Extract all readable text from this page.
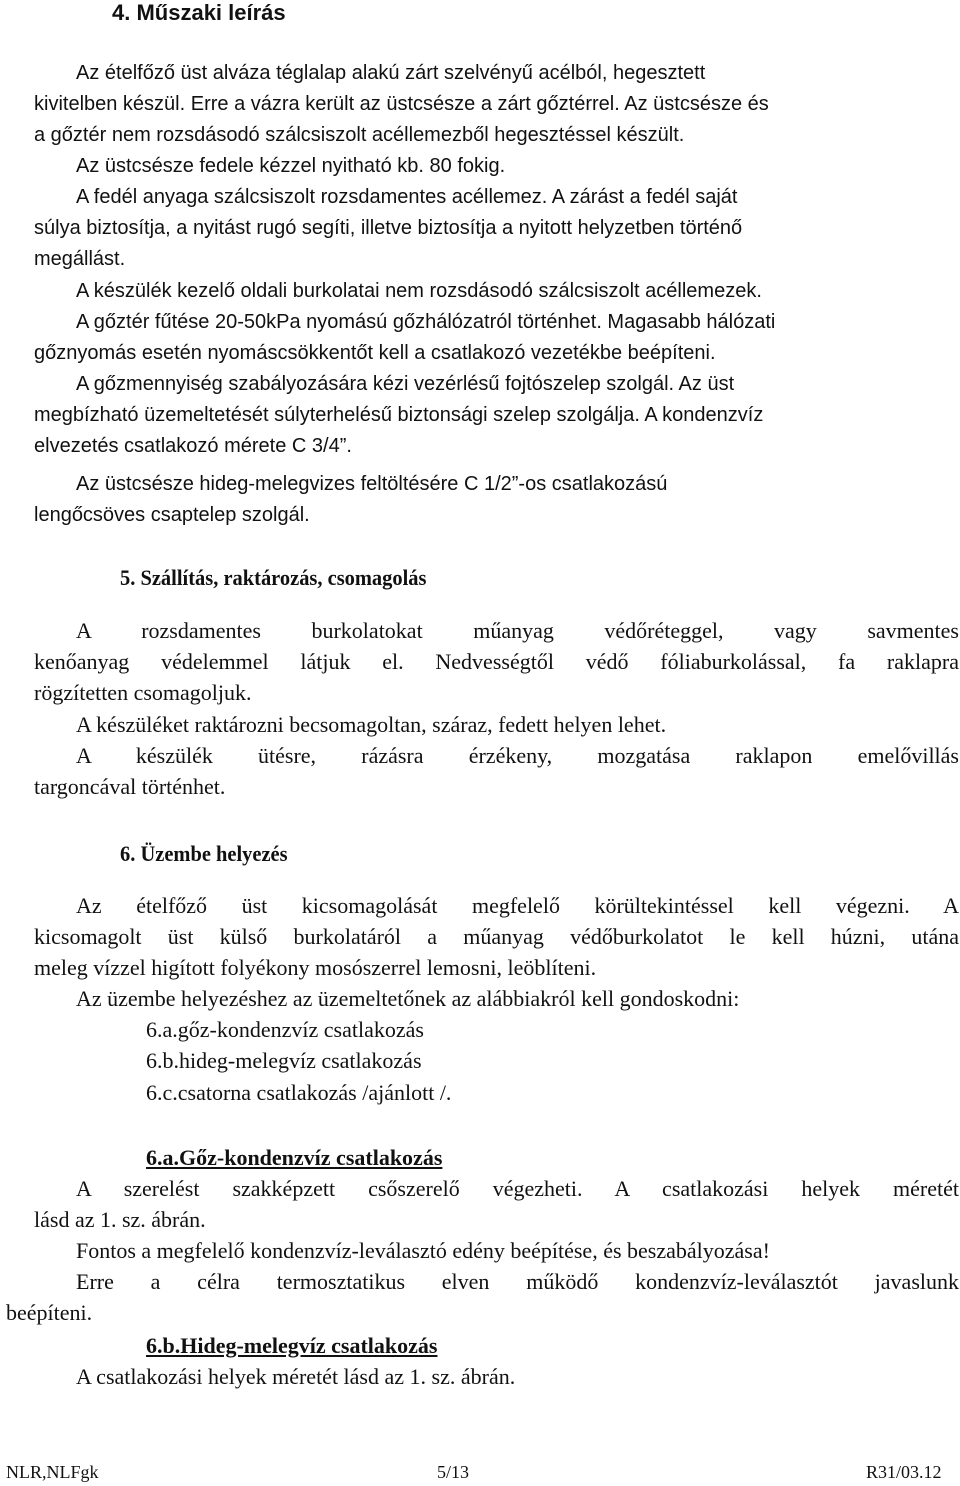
4. Műszaki leírás
Az ételfőző üst alváza téglalap alakú zárt szelvényű acélból, hegesztett
kivitelben készül. Erre a vázra került az üstcsésze a zárt gőztérrel. Az üstcsésze és
a gőztér nem rozsdásodó szálcsiszolt acéllemezből hegesztéssel készült.
Az üstcsésze fedele kézzel nyitható kb. 80 fokig.
A fedél anyaga szálcsiszolt rozsdamentes acéllemez. A zárást a fedél saját
súlya biztosítja, a nyitást rugó segíti, illetve biztosítja a nyitott helyzetben történő
megállást.
A készülék kezelő oldali burkolatai nem rozsdásodó szálcsiszolt acéllemezek.
A gőztér fűtése 20-50kPa nyomású gőzhálózatról történhet. Magasabb hálózati
gőznyomás esetén nyomáscsökkentőt kell a csatlakozó vezetékbe beépíteni.
A gőzmennyiség szabályozására kézi vezérlésű fojtószelep szolgál. Az üst
megbízható üzemeltetését súlyterhelésű biztonsági szelep szolgálja. A kondenzvíz
elvezetés csatlakozó mérete C 3/4”.
Az üstcsésze hideg-melegvizes feltöltésére C 1/2”-os csatlakozású
lengőcsöves csaptelep szolgál.
5. Szállítás, raktározás, csomagolás
A rozsdamentes burkolatokat műanyag védőréteggel, vagy savmentes
kenőanyag védelemmel látjuk el. Nedvességtől védő fóliaburkolással, fa raklapra
rögzítetten csomagoljuk.
A készüléket raktározni becsomagoltan, száraz, fedett helyen lehet.
A készülék ütésre, rázásra érzékeny, mozgatása raklapon emelővillás
targoncával történhet.
6. Üzembe helyezés
Az ételfőző üst kicsomagolását megfelelő körültekintéssel kell végezni. A
kicsomagolt üst külső burkolatáról a műanyag védőburkolatot le kell húzni, utána
meleg vízzel higított folyékony mosószerrel lemosni, leöblíteni.
Az üzembe helyezéshez az üzemeltetőnek az alábbiakról kell gondoskodni:
6.a.gőz-kondenzvíz csatlakozás
6.b.hideg-melegvíz csatlakozás
6.c.csatorna csatlakozás /ajánlott /.
6.a.Gőz-kondenzvíz csatlakozás
A szerelést szakképzett csőszerelő végezheti. A csatlakozási helyek méretét
lásd az 1. sz. ábrán.
Fontos a megfelelő kondenzvíz-leválasztó edény beépítése, és beszabályozása!
Erre a célra termosztatikus elven működő kondenzvíz-leválasztót javaslunk
beépíteni.
6.b.Hideg-melegvíz csatlakozás
A csatlakozási helyek méretét lásd az 1. sz. ábrán.
NLR,NLFgk	5/13	R31/03.12
